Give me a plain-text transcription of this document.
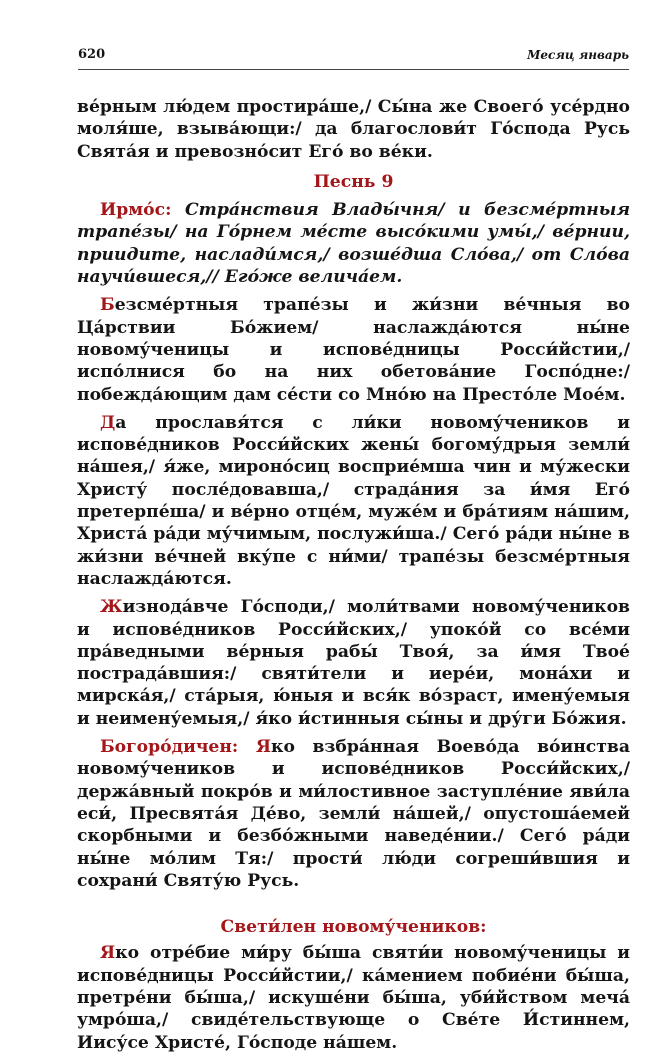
620	Месяц январь

ве́рным лю́дем простира́ше,/ Сы́на же Своего́ усе́рдно моля́ше, взыва́ющи:/ да благослови́т Го́спода Русь Свята́я и превозно́сит Его́ во ве́ки.

Песнь 9

Ирмо́с: Стра́нствия Влады́чня/ и безсме́ртныя трапе́зы/ на Го́рнем ме́сте высо́кими умы́,/ ве́рнии, приидите, наслади́мся,/ возше́дша Сло́ва,/ от Сло́ва научи́вшеся,// Его́же велича́ем.

Безсме́ртныя трапе́зы и жи́зни ве́чныя во Ца́рствии Бо́жием/ наслажда́ются ны́не новому́ченицы и испове́дницы Росси́йстии,/ испо́лнися бо на них обетова́ние Госпо́дне:/ побежда́ющим дам се́сти со Мно́ю на Престо́ле Мое́м.

Да прославя́тся с ли́ки новому́чеников и испове́дников Росси́йских жены́ богому́дрыя земли́ на́шея,/ я́же, мироно́сиц восприе́мша чин и му́жески Христу́ после́довавша,/ страда́ния за и́мя Его́ претерпе́ша/ и ве́рно отце́м, муже́м и бра́тиям на́шим, Христа́ ра́ди му́чимым, послужи́ша./ Сего́ ра́ди ны́не в жи́зни ве́чней вку́пе с ни́ми/ трапе́зы безсме́ртныя наслажда́ются.

Жизнода́вче Го́споди,/ моли́твами новому́чеников и испове́дников Росси́йских,/ упоко́й со все́ми пра́ведными ве́рныя рабы́ Твоя́, за и́мя Твое́ пострада́вшия:/ святи́тели и иере́и, мона́хи и мирска́я,/ ста́рыя, ю́ныя и вся́к во́зраст, имену́емыя и неимену́емыя,/ я́ко и́стинныя сы́ны и дру́ги Бо́жия.

Богоро́дичен: Яко взбра́нная Воево́да во́инства новому́чеников и испове́дников Росси́йских,/ держа́вный покро́в и ми́лостивное заступле́ние яви́ла еси́, Пресвята́я Де́во, земли́ на́шей,/ опустоша́емей скорбными и безбо́жными наведе́нии./ Сего́ ра́ди ны́не мо́лим Тя:/ прости́ лю́ди согреши́вшия и сохрани́ Святу́ю Русь.

Свети́лен новому́чеников:

Яко отре́бие ми́ру бы́ша святи́и новому́ченицы и испове́дницы Росси́йстии,/ ка́мением побие́ни бы́ша, претре́ни бы́ша,/ искуше́ни бы́ша, уби́йством меча́ умро́ша,/ свиде́тельствующе о Све́те И́стиннем, Иису́се Христе́, Го́споде на́шем.
